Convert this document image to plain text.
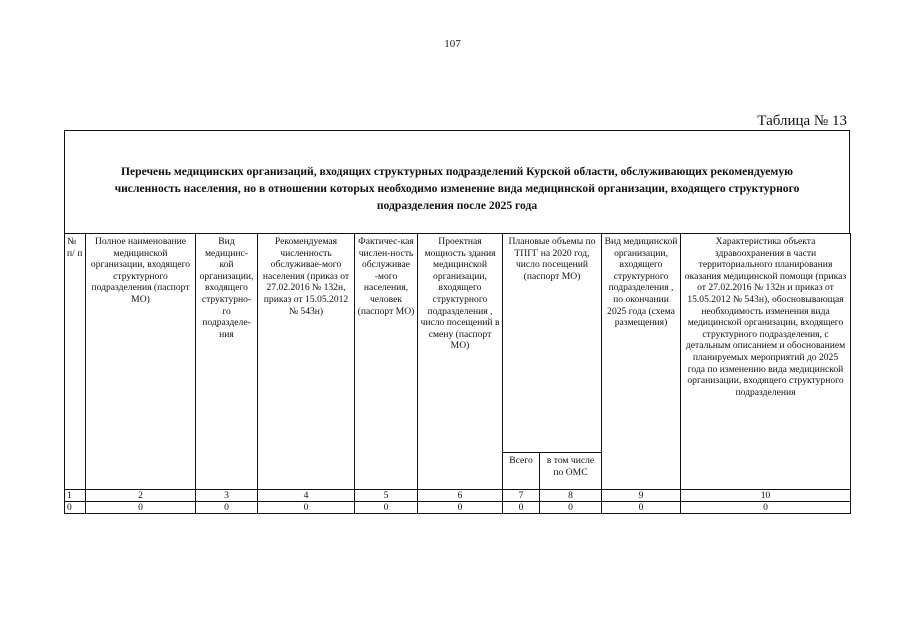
107
Таблица № 13
Перечень медицинских организаций, входящих структурных подразделений Курской области, обслуживающих рекомендуемую численность населения, но в отношении которых необходимо изменение вида медицинской организации, входящего структурного подразделения после 2025 года
№ п/ п	Полное наименование медицинской организации, входящего структурного подразделения (паспорт МО)	Вид медицинс-кой организации, входящего структурно-го подразделе-ния	Рекомендуемая численность обслуживае-мого населения (приказ от 27.02.2016 № 132н, приказ от 15.05.2012 № 543н)	Фактичес-кая числен-ность обслуживае -мого населения, человек (паспорт МО)	Проектная мощность здания медицинской организации, входящего структурного подразделения , число посещений в смену (паспорт МО)	Плановые объемы по ТПГГ на 2020 год, число посещений (паспорт МО)		Вид медицинской организации, входящего структурного подразделения , по окончании 2025 года (схема размещения)	Характеристика объекта здравоохранения в части территориального планирования оказания медицинской помощи (приказ от 27.02.2016 № 132н и приказ от 15.05.2012 № 543н), обосновывающая необходимость изменения вида медицинской организации, входящего структурного подразделения, с детальным описанием и обоснованием планируемых мероприятий до 2025 года по изменению вида медицинской организации, входящего структурного подразделения
						Всего	в том числе по ОМС		
1	2	3	4	5	6	7	8	9	10
0	0	0	0	0	0	0	0	0	0
